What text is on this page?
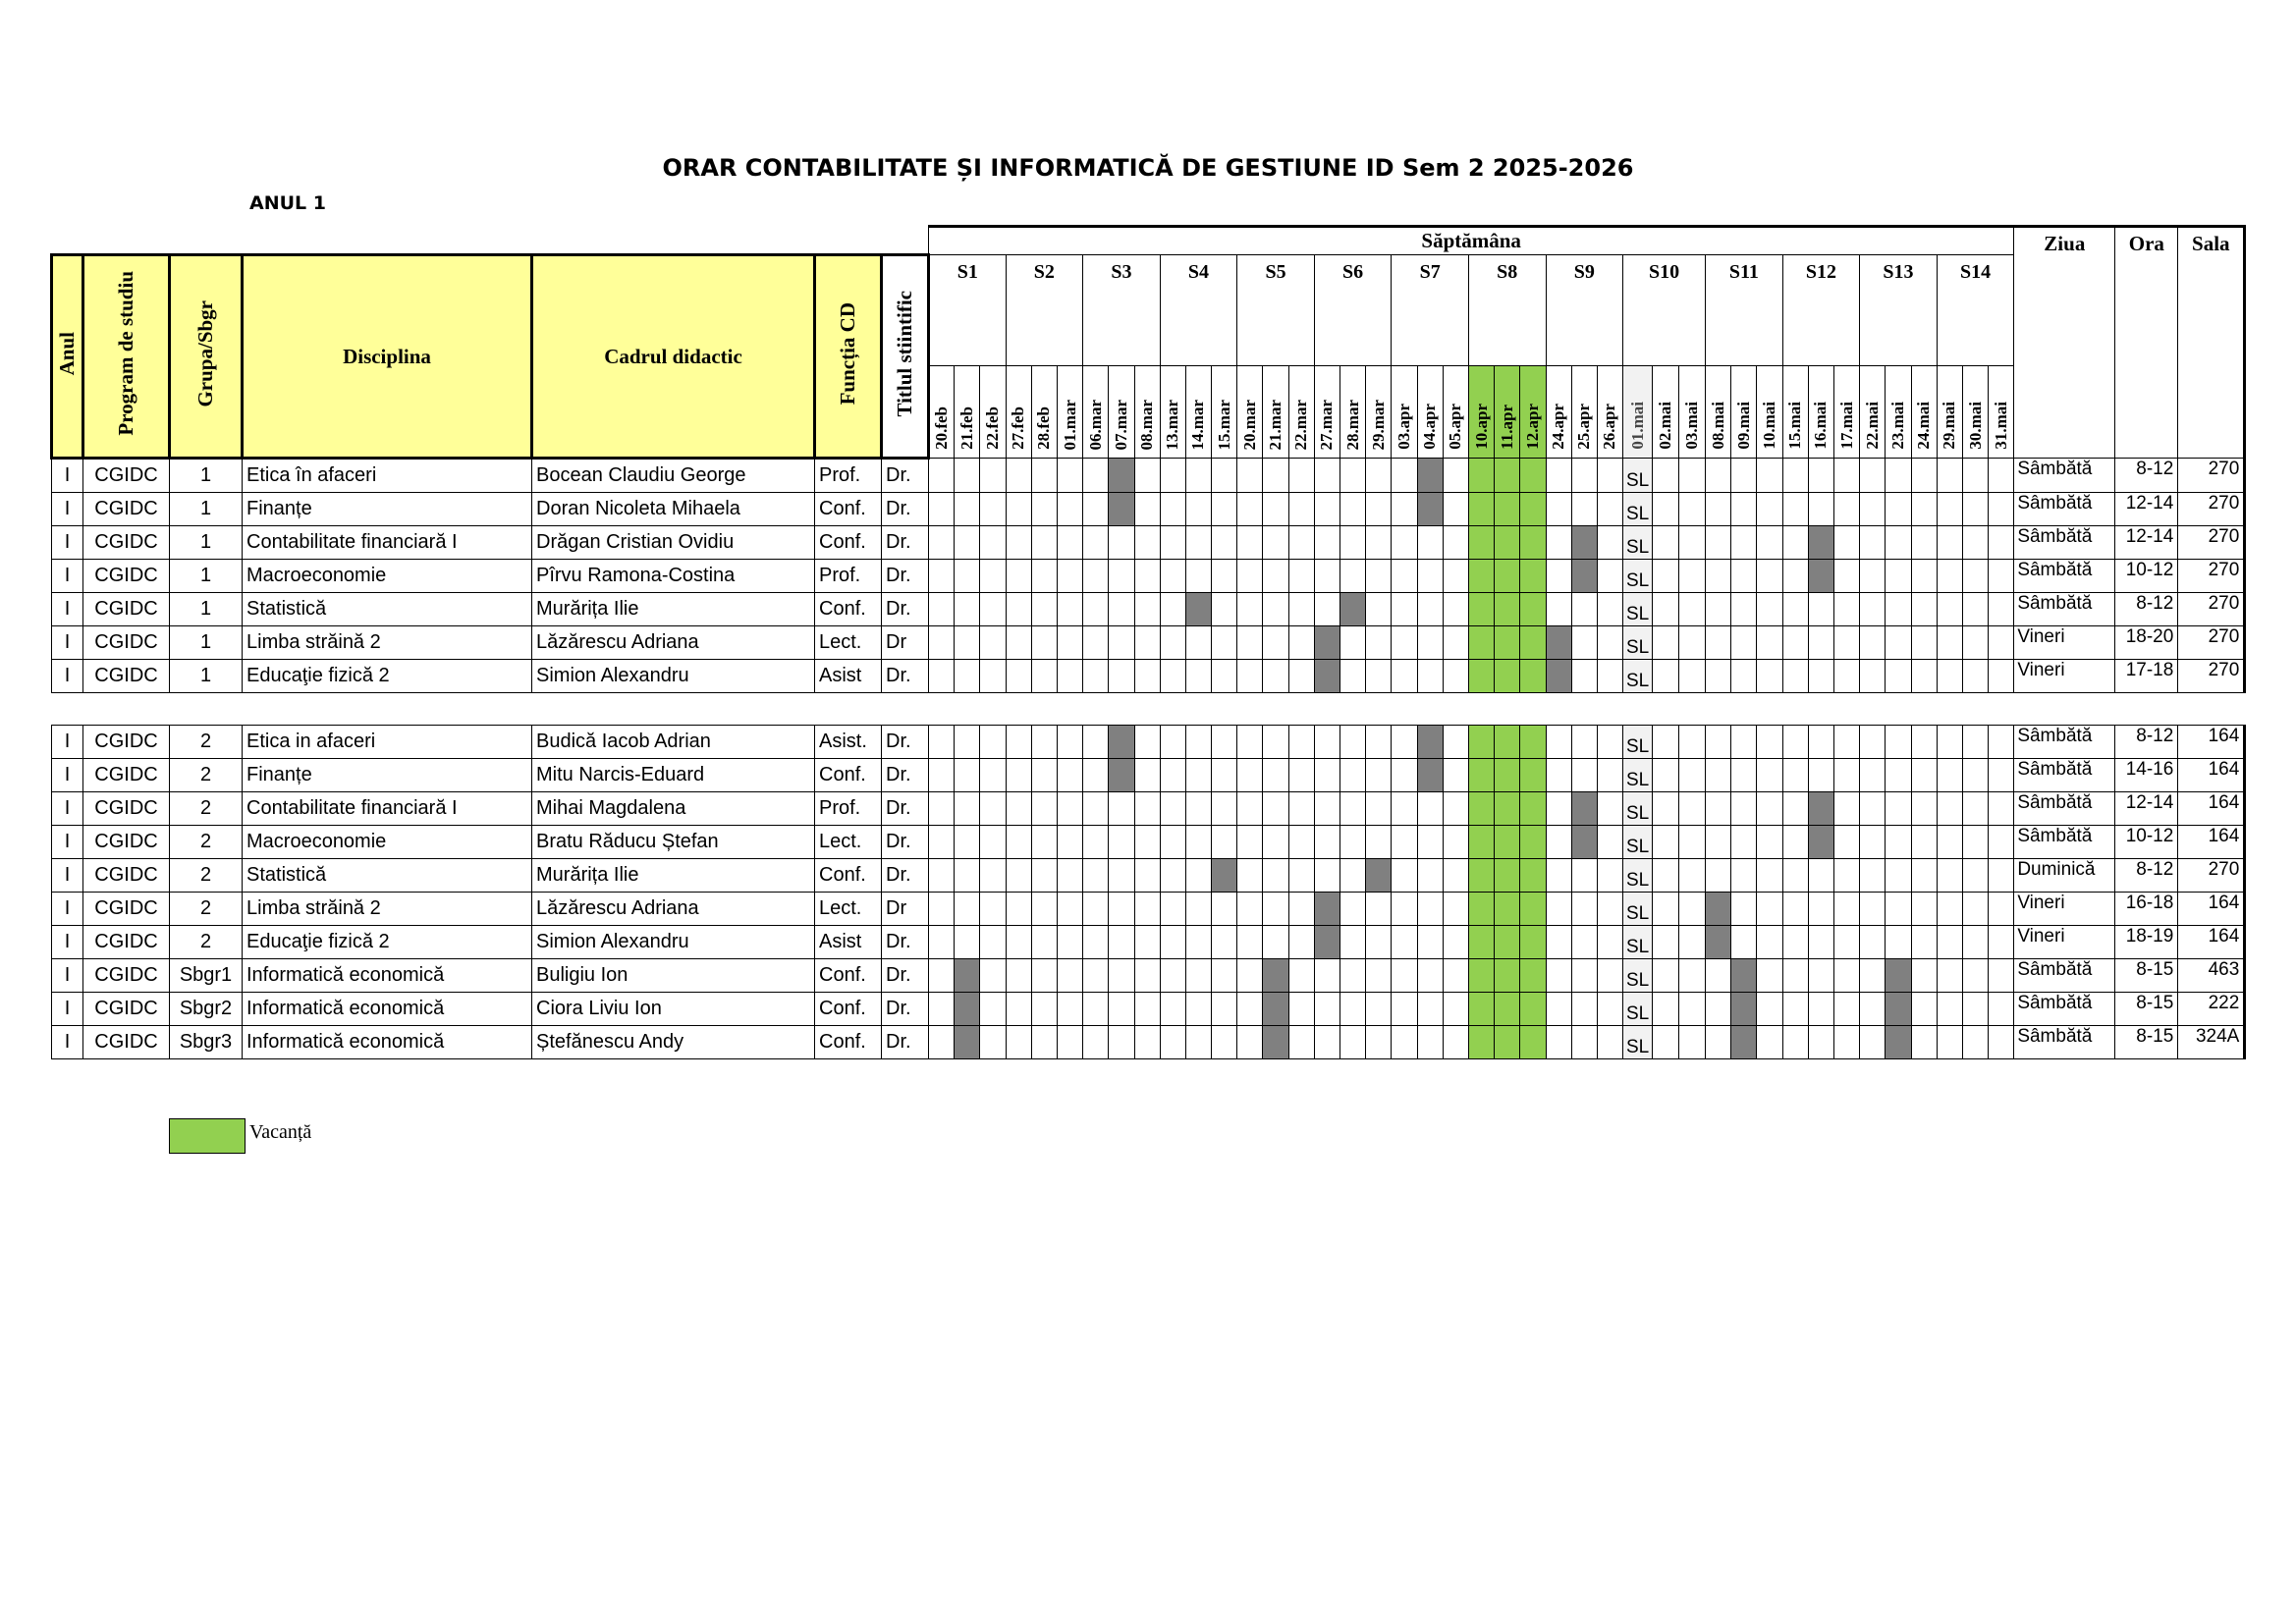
ORAR CONTABILITATE ȘI INFORMATICĂ DE GESTIUNE ID Sem 2 2025-2026
ANUL 1
							Săptămâna																																										Ziua	Ora	Sala
Anul	Program de studiu	Grupa/Sbgr	Disciplina	Cadrul didactic	Funcția CD	Titlul stiintific	S1			S2			S3			S4			S5			S6			S7			S8			S9			S10			S11			S12			S13			S14					
							20.feb	21.feb	22.feb	27.feb	28.feb	01.mar	06.mar	07.mar	08.mar	13.mar	14.mar	15.mar	20.mar	21.mar	22.mar	27.mar	28.mar	29.mar	03.apr	04.apr	05.apr	10.apr	11.apr	12.apr	24.apr	25.apr	26.apr	01.mai	02.mai	03.mai	08.mai	09.mai	10.mai	15.mai	16.mai	17.mai	22.mai	23.mai	24.mai	29.mai	30.mai	31.mai			
I	CGIDC	1	Etica în afaceri	Bocean Claudiu George	Prof.	Dr.																												SL															Sâmbătă	8-12	270
I	CGIDC	1	Finanțe	Doran Nicoleta Mihaela	Conf.	Dr.																												SL															Sâmbătă	12-14	270
I	CGIDC	1	Contabilitate financiară I	Drăgan Cristian Ovidiu	Conf.	Dr.																												SL															Sâmbătă	12-14	270
I	CGIDC	1	Macroeconomie	Pîrvu Ramona-Costina	Prof.	Dr.																												SL															Sâmbătă	10-12	270
I	CGIDC	1	Statistică	Murărița Ilie	Conf.	Dr.																												SL															Sâmbătă	8-12	270
I	CGIDC	1	Limba străină 2	Lăzărescu Adriana	Lect.	Dr																												SL															Vineri	18-20	270
I	CGIDC	1	Educaţie fizică 2	Simion Alexandru	Asist	Dr.																												SL															Vineri	17-18	270

I	CGIDC	2	Etica in afaceri	Budică Iacob Adrian	Asist.	Dr.																												SL															Sâmbătă	8-12	164
I	CGIDC	2	Finanțe	Mitu Narcis-Eduard	Conf.	Dr.																												SL															Sâmbătă	14-16	164
I	CGIDC	2	Contabilitate financiară I	Mihai Magdalena	Prof.	Dr.																												SL															Sâmbătă	12-14	164
I	CGIDC	2	Macroeconomie	Bratu Răducu Ștefan	Lect.	Dr.																												SL															Sâmbătă	10-12	164
I	CGIDC	2	Statistică	Murărița Ilie	Conf.	Dr.																												SL															Duminică	8-12	270
I	CGIDC	2	Limba străină 2	Lăzărescu Adriana	Lect.	Dr																												SL															Vineri	16-18	164
I	CGIDC	2	Educaţie fizică 2	Simion Alexandru	Asist	Dr.																												SL															Vineri	18-19	164
I	CGIDC	Sbgr1	Informatică economică	Buligiu Ion	Conf.	Dr.																												SL															Sâmbătă	8-15	463
I	CGIDC	Sbgr2	Informatică economică	Ciora Liviu Ion	Conf.	Dr.																												SL															Sâmbătă	8-15	222
I	CGIDC	Sbgr3	Informatică economică	Ștefănescu Andy	Conf.	Dr.																												SL															Sâmbătă	8-15	324A
Vacanță
